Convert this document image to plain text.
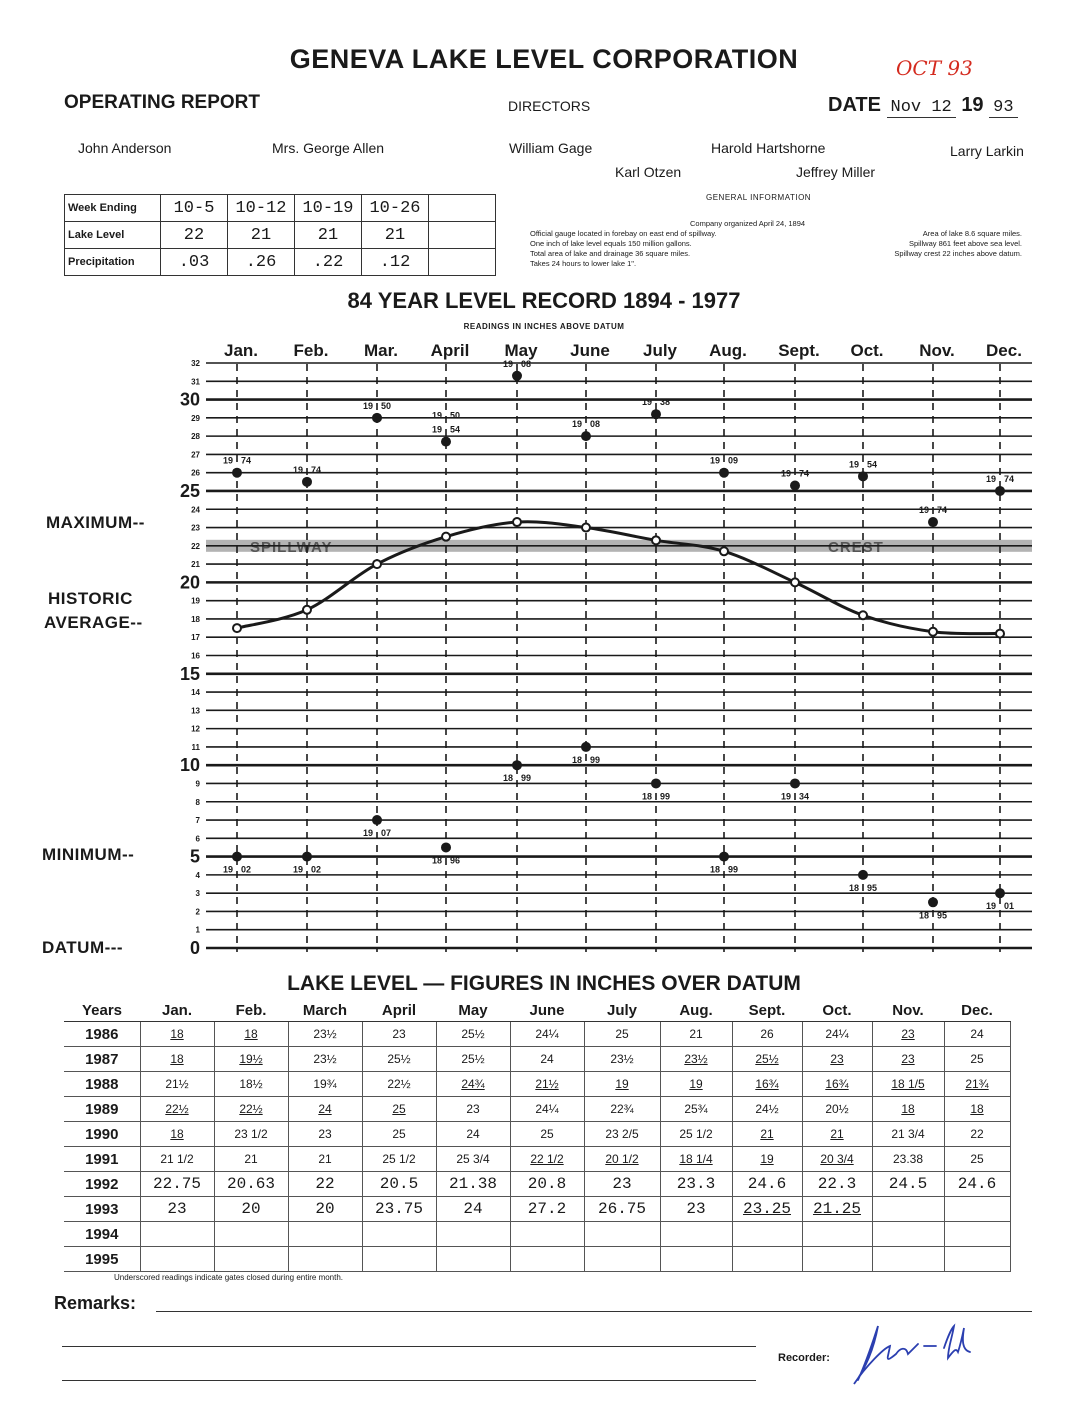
GENEVA LAKE LEVEL CORPORATION	OCT 93
OPERATING REPORT	DIRECTORS	DATE Nov 12 19 93
John Anderson	Mrs. George Allen	William Gage	Harold Hartshorne	Larry Larkin
Karl Otzen	Jeffrey Miller
Week Ending	10-5	10-12	10-19	10-26	
Lake Level	22	21	21	21	
Precipitation	.03	.26	.22	.12	
GENERAL INFORMATION
Company organized April 24, 1894
Official gauge located in forebay on east end of spillway.
One inch of lake level equals 150 million gallons.
Total area of lake and drainage 36 square miles.
Takes 24 hours to lower lake 1".
Area of lake 8.6 square miles.
Spillway 861 feet above sea level.
Spillway crest 22 inches above datum.
84 YEAR LEVEL RECORD 1894 - 1977
READINGS IN INCHES ABOVE DATUM
MAXIMUM--
HISTORIC
AVERAGE--
MINIMUM--
DATUM---
SPILLWAY	CREST
0
1
2
3
4
5
6
7
8
9
10
11
12
13
14
15
16
17
18
19
20
21
22
23
24
25
26
27
28
29
30
31
32
Jan. Feb. Mar. April May June July Aug. Sept. Oct. Nov. Dec.
19 74
19 74
19 50
19 54
19 08
19 08
19 38
19 09
19 74
19 54
19 74
19 74
19 50
19 02	19 02
19 07
18 96
18 99
18 99
18 99
18 99
19 34
18 95
18 95
19 01
LAKE LEVEL — FIGURES IN INCHES OVER DATUM
Years	Jan.	Feb.	March	April	May	June	July	Aug.	Sept.	Oct.	Nov.	Dec.
1986	18	18	23½	23	25½	24¼	25	21	26	24¼	23	24
1987	18	19½	23½	25½	25½	24	23½	23½	25½	23	23	25
1988	21½	18½	19¾	22½	24¾	21½	19	19	16¾	16¾	18 1/5	21¾
1989	22½	22½	24	25	23	24¼	22¾	25¾	24½	20½	18	18
1990	18	23 1/2	23	25	24	25	23 2/5	25 1/2	21	21	21 3/4	22
1991	21 1/2	21	21	25 1/2	25 3/4	22 1/2	20 1/2	18 1/4	19	20 3/4	23.38	25
1992	22.75	20.63	22	20.5	21.38	20.8	23	23.3	24.6	22.3	24.5	24.6
1993	23	20	20	23.75	24	27.2	26.75	23	23.25	21.25		
1994												
1995												
Underscored readings indicate gates closed during entire month.
Remarks:
Recorder:
